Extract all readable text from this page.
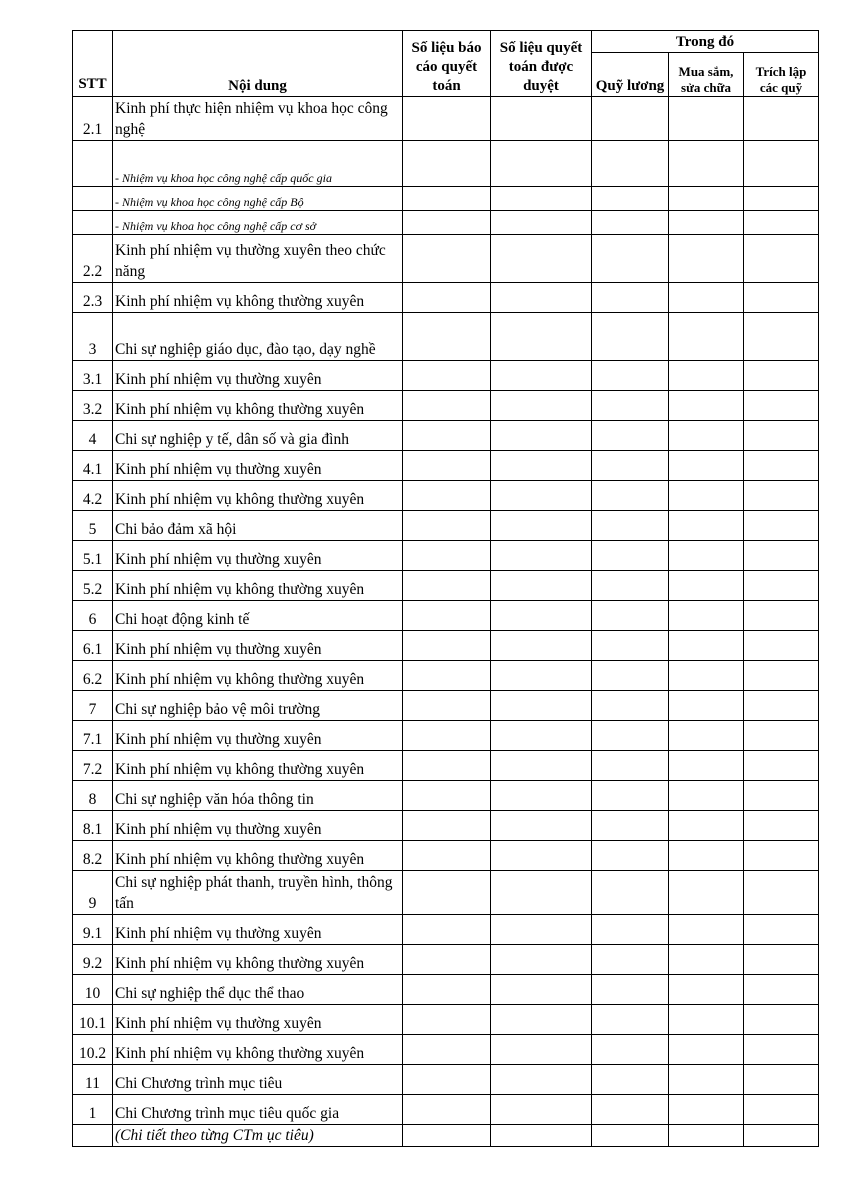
STT	Nội dung	Số liệu báo cáo quyết toán	Số liệu quyết toán được duyệt	Trong đó		
				Quỹ lương	Mua sắm, sửa chữa	Trích lập các quỹ
2.1	Kinh phí thực hiện nhiệm vụ khoa học công nghệ					
	- Nhiệm vụ khoa học công nghệ cấp quốc gia					
	- Nhiệm vụ khoa học công nghệ cấp Bộ					
	- Nhiệm vụ khoa học công nghệ cấp cơ sở					
2.2	Kinh phí nhiệm vụ thường xuyên theo chức năng					
2.3	Kinh phí nhiệm vụ không thường xuyên					
3	Chi sự nghiệp giáo dục, đào tạo, dạy nghề					
3.1	Kinh phí nhiệm vụ thường xuyên					
3.2	Kinh phí nhiệm vụ không thường xuyên					
4	Chi sự nghiệp y tế, dân số và gia đình					
4.1	Kinh phí nhiệm vụ thường xuyên					
4.2	Kinh phí nhiệm vụ không thường xuyên					
5	Chi bảo đảm xã hội					
5.1	Kinh phí nhiệm vụ thường xuyên					
5.2	Kinh phí nhiệm vụ không thường xuyên					
6	Chi hoạt động kinh tế					
6.1	Kinh phí nhiệm vụ thường xuyên					
6.2	Kinh phí nhiệm vụ không thường xuyên					
7	Chi sự nghiệp bảo vệ môi trường					
7.1	Kinh phí nhiệm vụ thường xuyên					
7.2	Kinh phí nhiệm vụ không thường xuyên					
8	Chi sự nghiệp văn hóa thông tin					
8.1	Kinh phí nhiệm vụ thường xuyên					
8.2	Kinh phí nhiệm vụ không thường xuyên					
9	Chi sự nghiệp phát thanh, truyền hình, thông tấn					
9.1	Kinh phí nhiệm vụ thường xuyên					
9.2	Kinh phí nhiệm vụ không thường xuyên					
10	Chi sự nghiệp thể dục thể thao					
10.1	Kinh phí nhiệm vụ thường xuyên					
10.2	Kinh phí nhiệm vụ không thường xuyên					
11	Chi Chương trình mục tiêu					
1	Chi Chương trình mục tiêu quốc gia					
	(Chi tiết theo từng CTm ục tiêu)					
